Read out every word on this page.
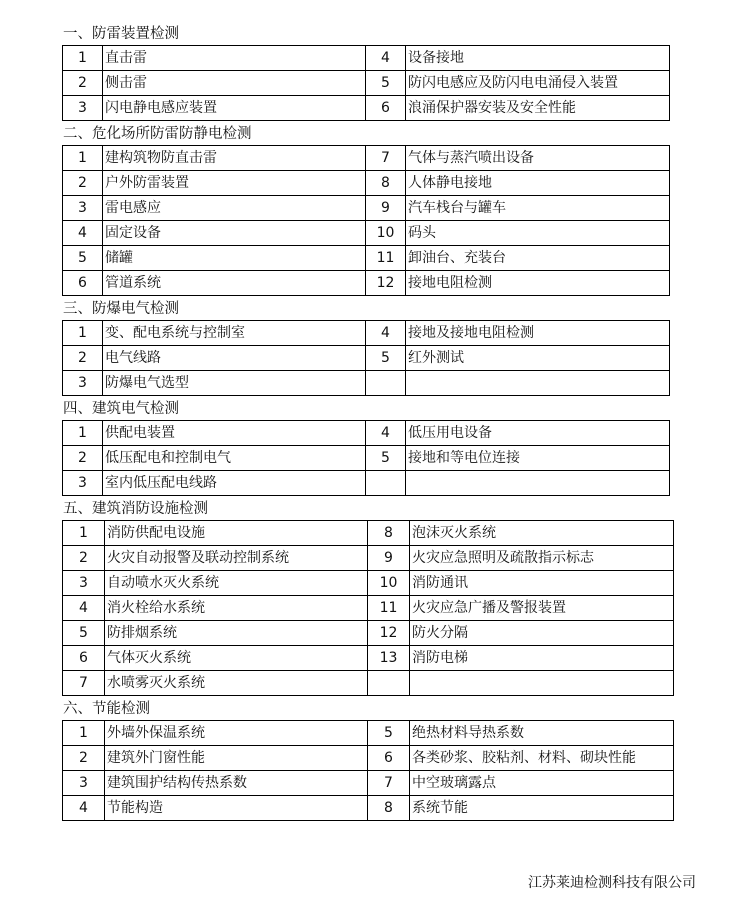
一、防雷装置检测
1	直击雷	4	设备接地
2	侧击雷	5	防闪电感应及防闪电电涌侵入装置
3	闪电静电感应装置	6	浪涌保护器安装及安全性能
二、危化场所防雷防静电检测
1	建构筑物防直击雷	7	气体与蒸汽喷出设备
2	户外防雷装置	8	人体静电接地
3	雷电感应	9	汽车栈台与罐车
4	固定设备	10	码头
5	储罐	11	卸油台、充装台
6	管道系统	12	接地电阻检测
三、防爆电气检测
1	变、配电系统与控制室	4	接地及接地电阻检测
2	电气线路	5	红外测试
3	防爆电气选型		
四、建筑电气检测
1	供配电装置	4	低压用电设备
2	低压配电和控制电气	5	接地和等电位连接
3	室内低压配电线路		
五、建筑消防设施检测
1	消防供配电设施	8	泡沫灭火系统
2	火灾自动报警及联动控制系统	9	火灾应急照明及疏散指示标志
3	自动喷水灭火系统	10	消防通讯
4	消火栓给水系统	11	火灾应急广播及警报装置
5	防排烟系统	12	防火分隔
6	气体灭火系统	13	消防电梯
7	水喷雾灭火系统		
六、节能检测
1	外墙外保温系统	5	绝热材料导热系数
2	建筑外门窗性能	6	各类砂浆、胶粘剂、材料、砌块性能
3	建筑围护结构传热系数	7	中空玻璃露点
4	节能构造	8	系统节能
江苏莱迪检测科技有限公司
